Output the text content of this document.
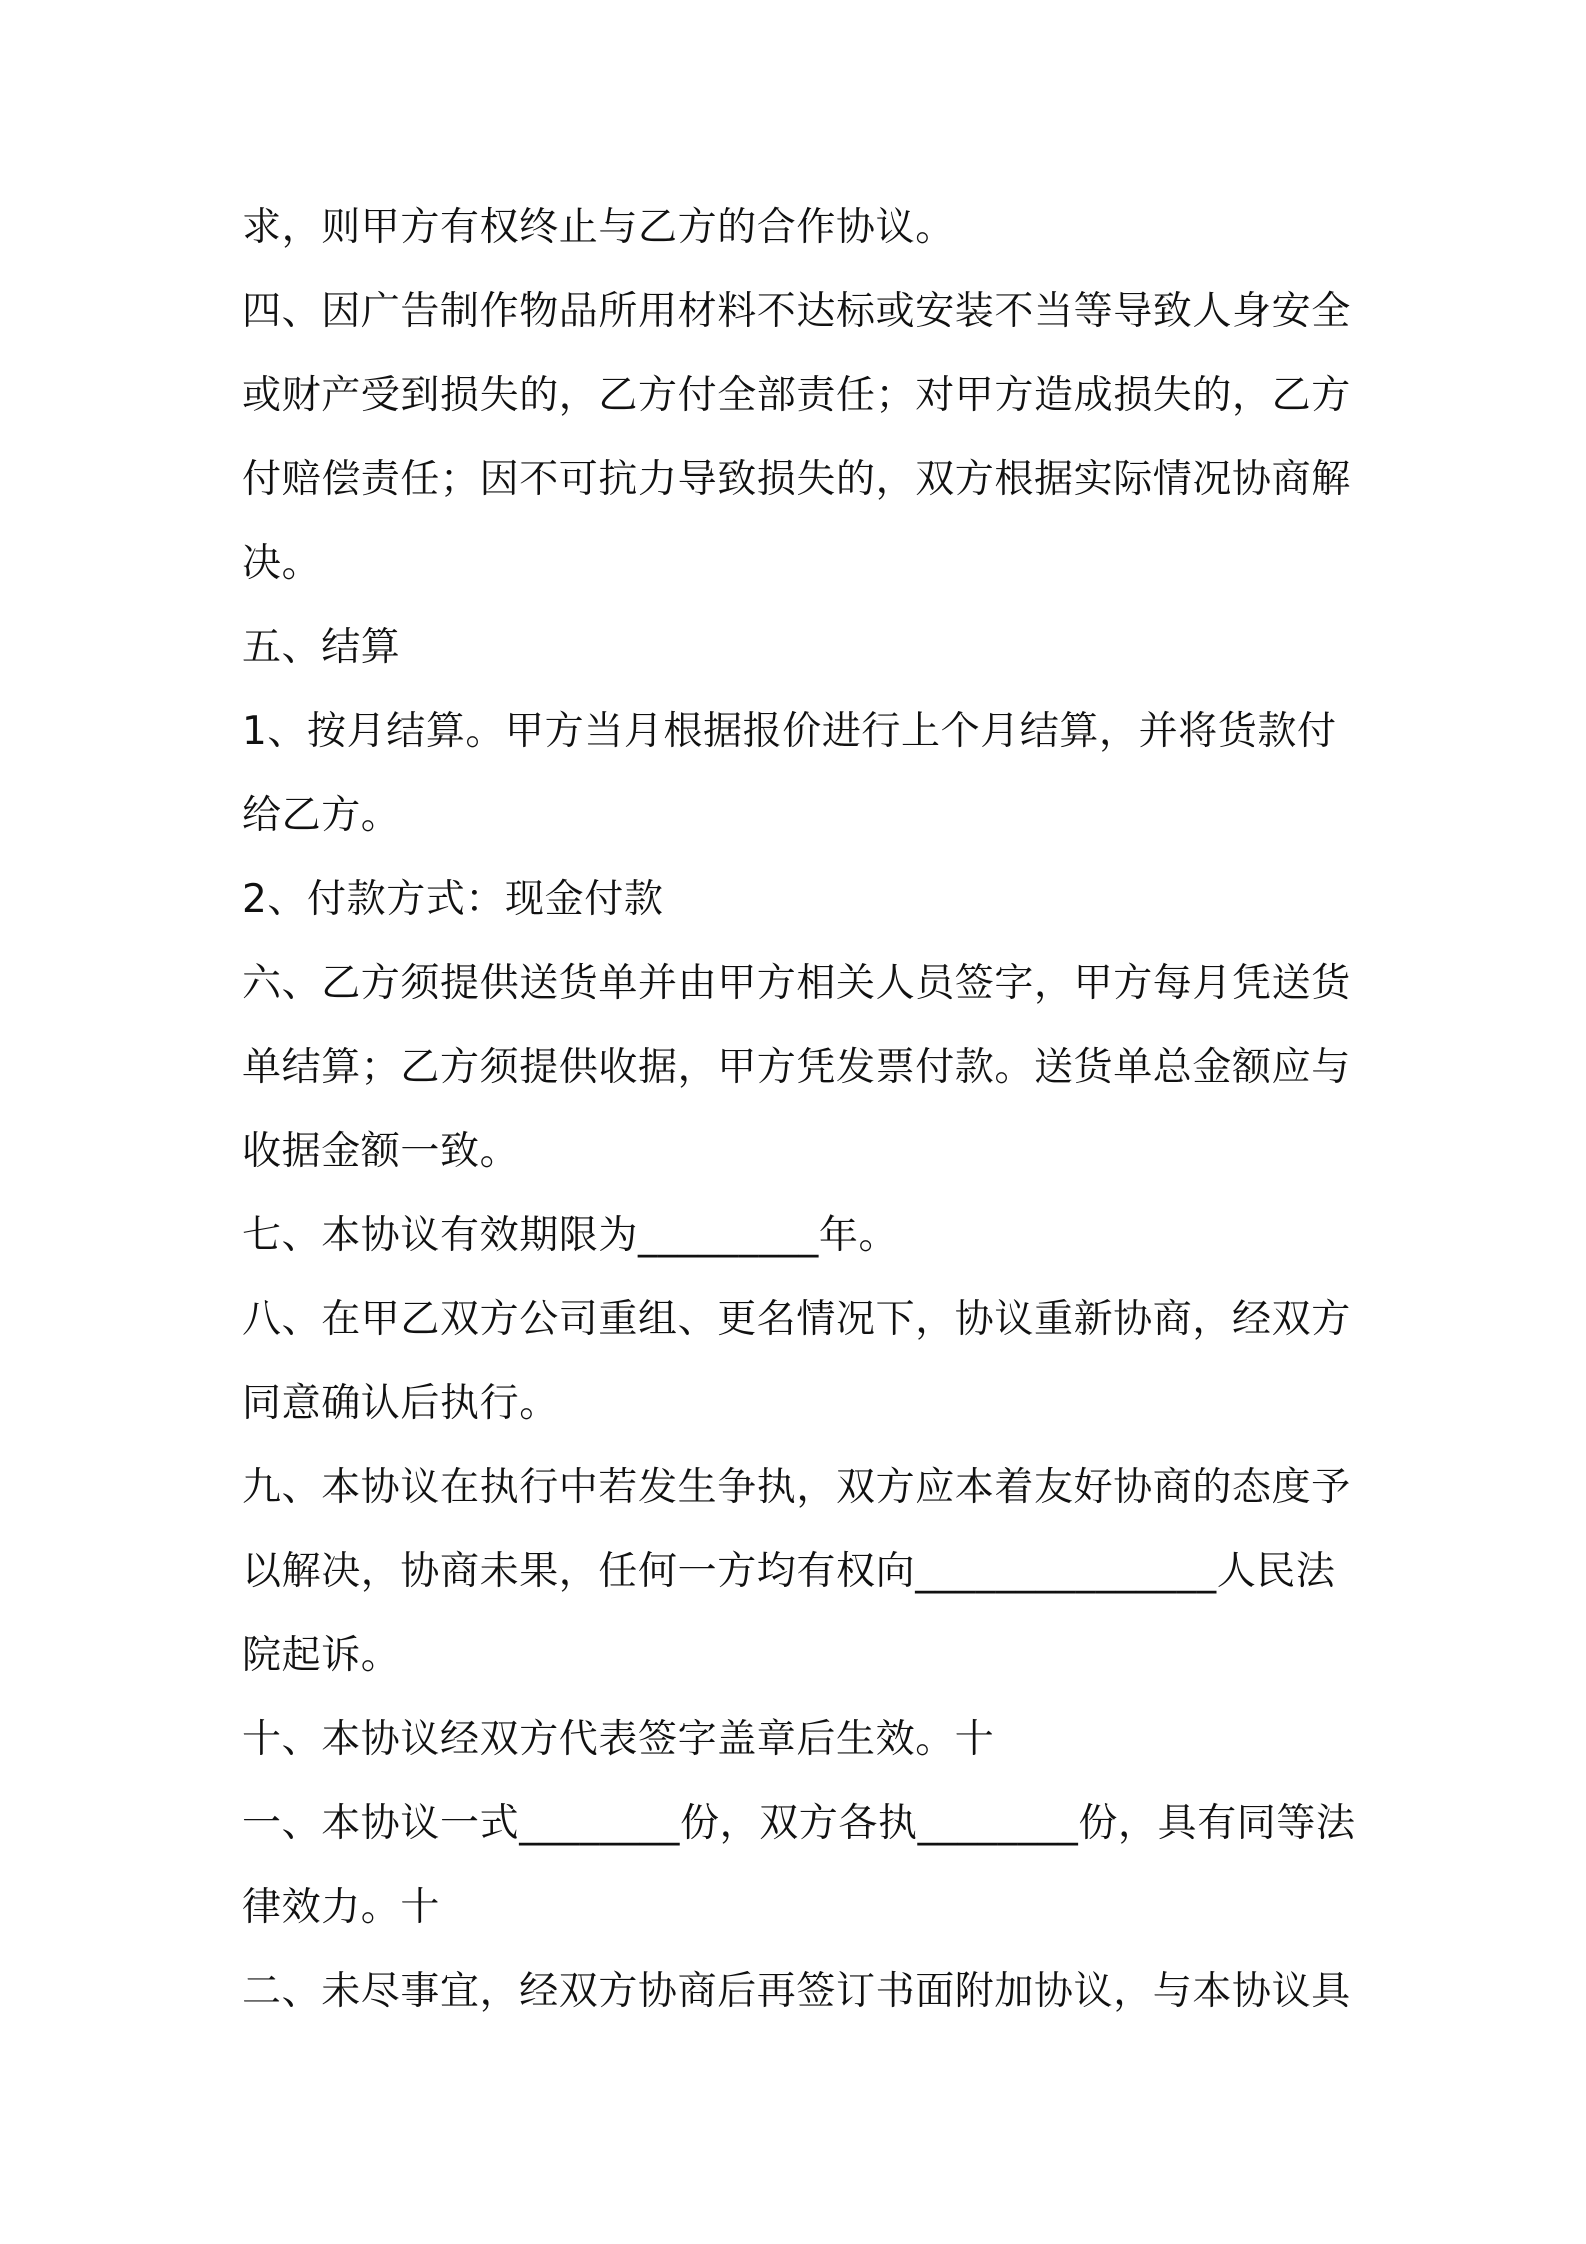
求，则甲方有权终止与乙方的合作协议。
四、因广告制作物品所用材料不达标或安装不当等导致人身安全
或财产受到损失的，乙方付全部责任；对甲方造成损失的，乙方
付赔偿责任；因不可抗力导致损失的，双方根据实际情况协商解
决。
五、结算
1、按月结算。甲方当月根据报价进行上个月结算，并将货款付
给乙方。
2、付款方式：现金付款
六、乙方须提供送货单并由甲方相关人员签字，甲方每月凭送货
单结算；乙方须提供收据，甲方凭发票付款。送货单总金额应与
收据金额一致。
七、本协议有效期限为_________年。
八、在甲乙双方公司重组、更名情况下，协议重新协商，经双方
同意确认后执行。
九、本协议在执行中若发生争执，双方应本着友好协商的态度予
以解决，协商未果，任何一方均有权向_______________人民法
院起诉。
十、本协议经双方代表签字盖章后生效。十
一、本协议一式________份，双方各执________份，具有同等法
律效力。十
二、未尽事宜，经双方协商后再签订书面附加协议，与本协议具
